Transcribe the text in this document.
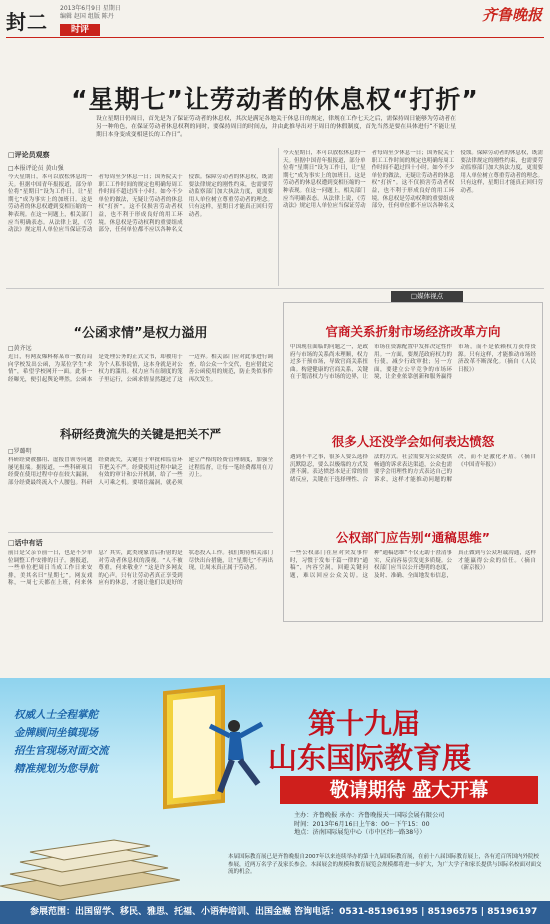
封二
2013年6月9日 星期日
编辑 赵国 组版 陈丹
时评
齐鲁晚报
“星期七”让劳动者的休息权“打折”
设立星期日仍周日，首先是为了保证劳动者的休息权，其次是满足各地关于休息日的规定，律规在工作七天之后，需保持周日能够为劳动者在另一种角色，在保证劳动者休息权利的同时，要保持周日的时间点，并由此推导出对于周日的休假制度，首先当然是要在具体进行“不能让星期日本身变成变相延长的工作日”。
□评论员观察
□本报评论员 黄山强
今天星期日，本可以放松休息的一天。但据中国青年报报道，部分单位将“星期日”设为工作日，让“星期七”成为事实上的加班日。这是劳动者的休息权遭到变相压缩的一种表现。在这一问题上，相关部门应当明确表态。从法律上说，《劳动法》规定用人单位应当保证劳动者每周至少休息一日；国务院关于职工工作时间的规定也明确每周工作时间不超过四十小时。如今不少单位的做法，无疑让劳动者的休息权“打折”。这不仅损害劳动者权益，也不利于形成良好的用工环境。休息权是劳动权利的重要组成部分，任何单位都不应以各种名义侵蚀。保障劳动者的休息权，既需要法律规定的刚性约束，也需要劳动监察部门加大执法力度，更需要用人单位树立尊重劳动者的理念。只有这样，星期日才能真正回归劳动者。
今天星期日，本可以放松休息的一天。但据中国青年报报道，部分单位将“星期日”设为工作日，让“星期七”成为事实上的加班日。这是劳动者的休息权遭到变相压缩的一种表现。在这一问题上，相关部门应当明确表态。从法律上说，《劳动法》规定用人单位应当保证劳动者每周至少休息一日；国务院关于职工工作时间的规定也明确每周工作时间不超过四十小时。如今不少单位的做法，无疑让劳动者的休息权“打折”。这不仅损害劳动者权益，也不利于形成良好的用工环境。休息权是劳动权利的重要组成部分，任何单位都不应以各种名义侵蚀。保障劳动者的休息权，既需要法律规定的刚性约束，也需要劳动监察部门加大执法力度，更需要用人单位树立尊重劳动者的理念。只有这样，星期日才能真正回归劳动者。
“公函求情”是权力溢用
□黄齐远
近日，有网友爆料称某市一教育局向学校发出公函，为某位学生“求情”，希望学校网开一面。此事一经曝光，便引起舆论哗然。公函本是处理公务的正式文书，却被用于为个人私事说情，这本身就是对公权力的滥用。权力应当在制度的笼子里运行，公函求情显然越过了这一边界。相关部门应对此事进行调查，给公众一个交代，也应借此完善公函使用的规范，防止类似事件再次发生。
科研经费流失的关键是把关不严
□罗璐明
科研经费被挪用、虚报冒领等问题屡见报端。据报道，一些科研项目经费在使用过程中存在较大漏洞，部分经费最终流入个人腰包。科研经费流失，关键在于审批和监管环节把关不严。经费使用过程中缺乏有效的审计和公开机制，给了一些人可乘之机。要堵住漏洞，就必须建立严格的经费管理制度，加强全过程监督，让每一笔经费都用在刀刃上。
□话中有话
前日是父亲节前一日，也是不少单位调整工作安排的日子。据报道，一些单位把周日当成工作日来安排，美其名曰“星期七”。网友戏称，一周七天都在上班，何来休息？其实，此类现象背后折射的是对劳动者休息权的漠视。“人不被尊重，何来敬业？”这是许多网友的心声。只有让劳动者真正享受到应有的休息，才能让他们以更好的状态投入工作。我们期待相关部门尽快出台措施，让“星期七”不再出现，让周末真正属于劳动者。
□媒体视点
官商关系折射市场经济改革方向
中国现在面临的问题之一，是政府与市场的关系尚未理顺，权力过多干预市场，导致官商关系扭曲。构建健康的官商关系，关键在于划清权力与市场的边界，让市场在资源配置中发挥决定性作用。一方面，要规范政府权力的行使，减少行政审批；另一方面，要建立公平竞争的市场环境，让企业依靠创新和服务赢得市场，而不是依赖权力获得资源。只有这样，才能推动市场经济改革不断深化。（摘自《人民日报》）
很多人还没学会如何表达愤怒
遇到不平之事，很多人要么选择沉默隐忍，要么以极端的方式发泄不满。表达愤怒本是正常的情绪反应，关键在于选择理性、合法的方式。社会需要为公众提供畅通的诉求表达渠道，公众也需要学会用理性的方式表达自己的诉求，这样才能推动问题的解决，而不是激化矛盾。（摘自《中国青年报》）
公权部门应告别“通稿思维”
一些公权部门在应对突发事件时，习惯于发布千篇一律的“通稿”，内容空洞，回避关键问题，难以回应公众关切。这种“通稿思维”不仅无助于澄清事实，反而容易引发更多质疑。公权部门应当以公开透明的态度，及时、准确、全面地发布信息，真正做到与公众坦诚沟通，这样才能赢得公众的信任。（摘自《新京报》）
权威人士全程掌舵
金牌顾问坐镇现场
招生官现场对面交流
精准规划为您导航
第十九届
山东国际教育展
敬请期待 盛大开幕
主办：齐鲁晚报 承办：齐鲁晚报天一国际会展有限公司
时间：2013年6月16日上午8：00－下午15：00
地点：济南国际展览中心（市中区纬一路38号）
本届国际教育展已是齐鲁晚报自2007年以来连续举办的第十九届国际教育展，在前十八届国际教育展上，各有近百所国内外院校参展，近两万名学子及家长参会。本届展会的规模和教育展览会规模都将进一步扩大，为广大学子和家长提供与国际名校面对面交流的机会。
参展范围：出国留学、移民、雅思、托福、小语种培训、出国金融 咨询电话：0531-85196195 | 85196575 | 85196197
